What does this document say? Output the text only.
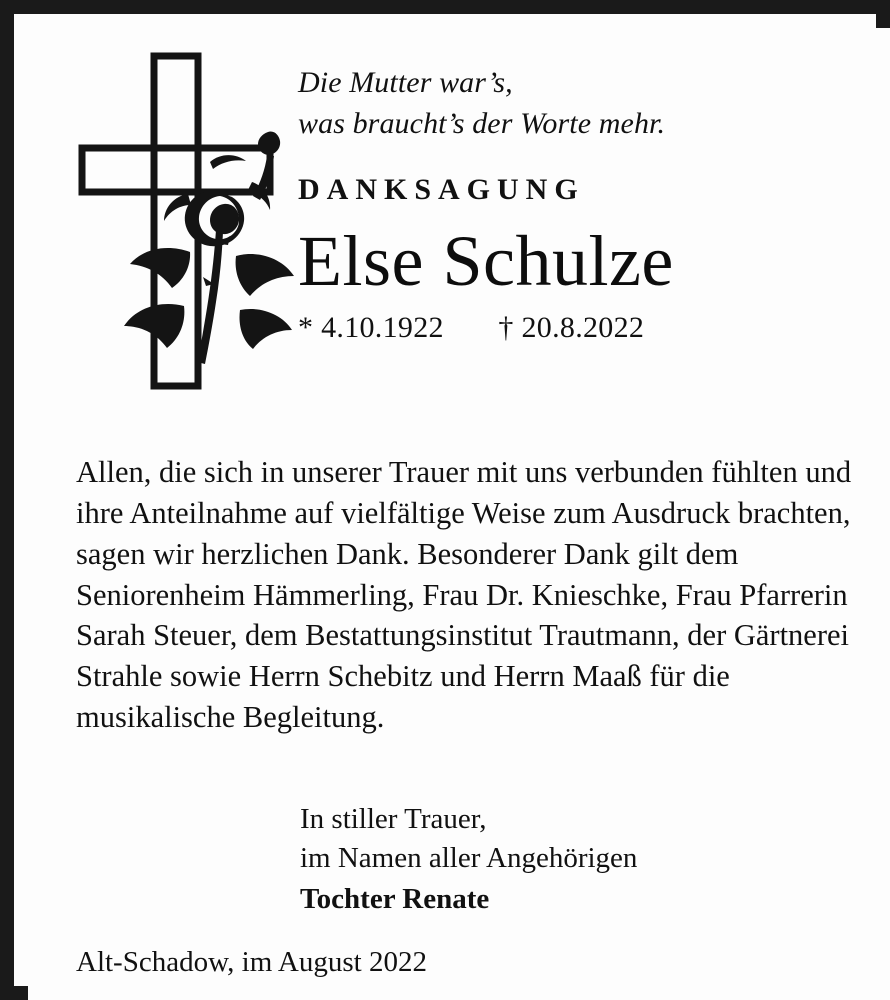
Die Mutter war’s,
was braucht’s der Worte mehr.
DANKSAGUNG
Else Schulze
* 4.10.1922       † 20.8.2022
Allen, die sich in unserer Trauer mit uns verbunden fühlten und ihre Anteilnahme auf vielfältige Weise zum Ausdruck brachten, sagen wir herzlichen Dank. Besonderer Dank gilt dem Seniorenheim Hämmerling, Frau Dr. Knieschke, Frau Pfarrerin Sarah Steuer, dem Bestattungsinstitut Trautmann, der Gärtnerei Strahle sowie Herrn Schebitz und Herrn Maaß für die musikalische Begleitung.
In stiller Trauer,
im Namen aller Angehörigen
Tochter Renate
Alt-Schadow, im August 2022
